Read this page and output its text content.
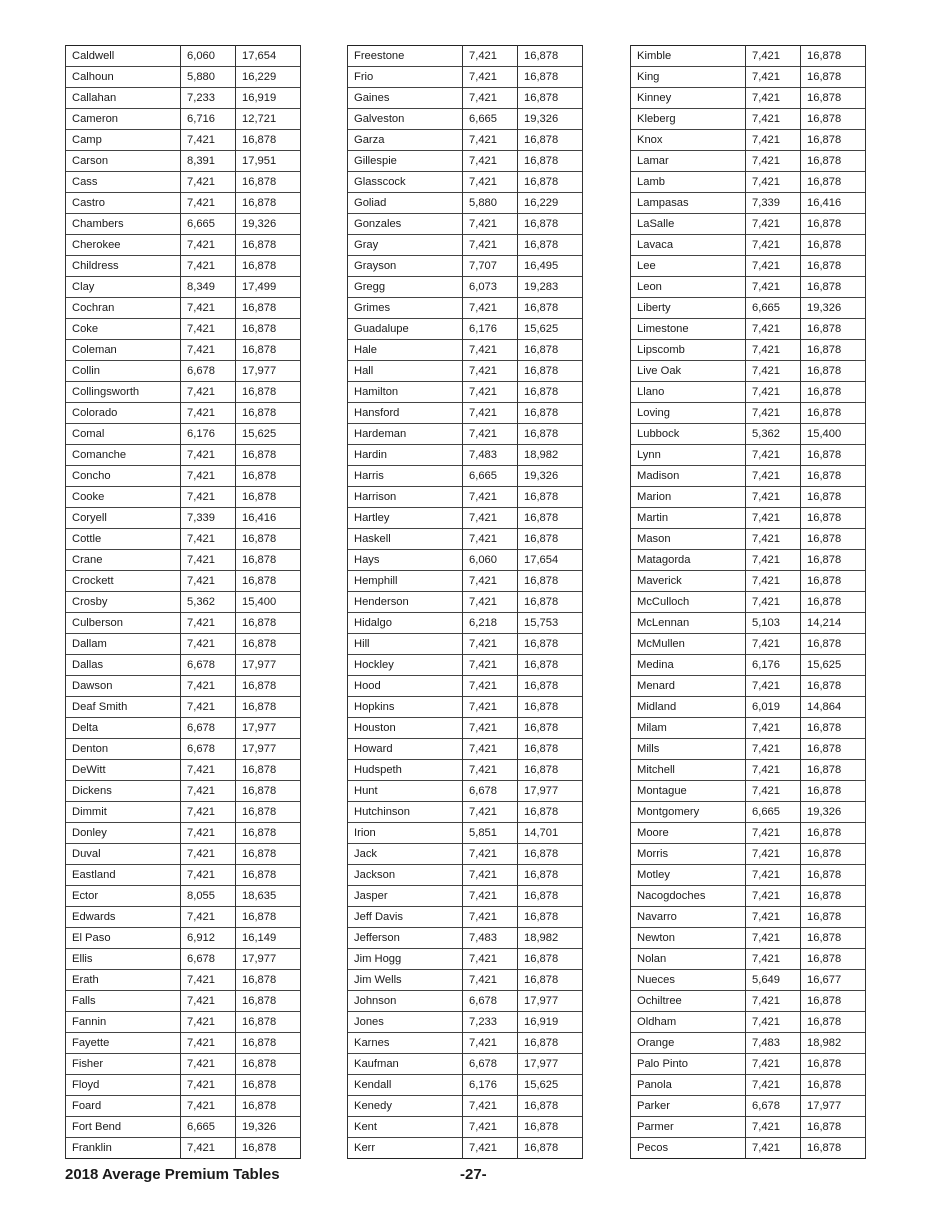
Caldwell	6,060	17,654
Calhoun	5,880	16,229
Callahan	7,233	16,919
Cameron	6,716	12,721
Camp	7,421	16,878
Carson	8,391	17,951
Cass	7,421	16,878
Castro	7,421	16,878
Chambers	6,665	19,326
Cherokee	7,421	16,878
Childress	7,421	16,878
Clay	8,349	17,499
Cochran	7,421	16,878
Coke	7,421	16,878
Coleman	7,421	16,878
Collin	6,678	17,977
Collingsworth	7,421	16,878
Colorado	7,421	16,878
Comal	6,176	15,625
Comanche	7,421	16,878
Concho	7,421	16,878
Cooke	7,421	16,878
Coryell	7,339	16,416
Cottle	7,421	16,878
Crane	7,421	16,878
Crockett	7,421	16,878
Crosby	5,362	15,400
Culberson	7,421	16,878
Dallam	7,421	16,878
Dallas	6,678	17,977
Dawson	7,421	16,878
Deaf Smith	7,421	16,878
Delta	6,678	17,977
Denton	6,678	17,977
DeWitt	7,421	16,878
Dickens	7,421	16,878
Dimmit	7,421	16,878
Donley	7,421	16,878
Duval	7,421	16,878
Eastland	7,421	16,878
Ector	8,055	18,635
Edwards	7,421	16,878
El Paso	6,912	16,149
Ellis	6,678	17,977
Erath	7,421	16,878
Falls	7,421	16,878
Fannin	7,421	16,878
Fayette	7,421	16,878
Fisher	7,421	16,878
Floyd	7,421	16,878
Foard	7,421	16,878
Fort Bend	6,665	19,326
Franklin	7,421	16,878
Freestone	7,421	16,878
Frio	7,421	16,878
Gaines	7,421	16,878
Galveston	6,665	19,326
Garza	7,421	16,878
Gillespie	7,421	16,878
Glasscock	7,421	16,878
Goliad	5,880	16,229
Gonzales	7,421	16,878
Gray	7,421	16,878
Grayson	7,707	16,495
Gregg	6,073	19,283
Grimes	7,421	16,878
Guadalupe	6,176	15,625
Hale	7,421	16,878
Hall	7,421	16,878
Hamilton	7,421	16,878
Hansford	7,421	16,878
Hardeman	7,421	16,878
Hardin	7,483	18,982
Harris	6,665	19,326
Harrison	7,421	16,878
Hartley	7,421	16,878
Haskell	7,421	16,878
Hays	6,060	17,654
Hemphill	7,421	16,878
Henderson	7,421	16,878
Hidalgo	6,218	15,753
Hill	7,421	16,878
Hockley	7,421	16,878
Hood	7,421	16,878
Hopkins	7,421	16,878
Houston	7,421	16,878
Howard	7,421	16,878
Hudspeth	7,421	16,878
Hunt	6,678	17,977
Hutchinson	7,421	16,878
Irion	5,851	14,701
Jack	7,421	16,878
Jackson	7,421	16,878
Jasper	7,421	16,878
Jeff Davis	7,421	16,878
Jefferson	7,483	18,982
Jim Hogg	7,421	16,878
Jim Wells	7,421	16,878
Johnson	6,678	17,977
Jones	7,233	16,919
Karnes	7,421	16,878
Kaufman	6,678	17,977
Kendall	6,176	15,625
Kenedy	7,421	16,878
Kent	7,421	16,878
Kerr	7,421	16,878
Kimble	7,421	16,878
King	7,421	16,878
Kinney	7,421	16,878
Kleberg	7,421	16,878
Knox	7,421	16,878
Lamar	7,421	16,878
Lamb	7,421	16,878
Lampasas	7,339	16,416
LaSalle	7,421	16,878
Lavaca	7,421	16,878
Lee	7,421	16,878
Leon	7,421	16,878
Liberty	6,665	19,326
Limestone	7,421	16,878
Lipscomb	7,421	16,878
Live Oak	7,421	16,878
Llano	7,421	16,878
Loving	7,421	16,878
Lubbock	5,362	15,400
Lynn	7,421	16,878
Madison	7,421	16,878
Marion	7,421	16,878
Martin	7,421	16,878
Mason	7,421	16,878
Matagorda	7,421	16,878
Maverick	7,421	16,878
McCulloch	7,421	16,878
McLennan	5,103	14,214
McMullen	7,421	16,878
Medina	6,176	15,625
Menard	7,421	16,878
Midland	6,019	14,864
Milam	7,421	16,878
Mills	7,421	16,878
Mitchell	7,421	16,878
Montague	7,421	16,878
Montgomery	6,665	19,326
Moore	7,421	16,878
Morris	7,421	16,878
Motley	7,421	16,878
Nacogdoches	7,421	16,878
Navarro	7,421	16,878
Newton	7,421	16,878
Nolan	7,421	16,878
Nueces	5,649	16,677
Ochiltree	7,421	16,878
Oldham	7,421	16,878
Orange	7,483	18,982
Palo Pinto	7,421	16,878
Panola	7,421	16,878
Parker	6,678	17,977
Parmer	7,421	16,878
Pecos	7,421	16,878
2018 Average Premium Tables	-27-
